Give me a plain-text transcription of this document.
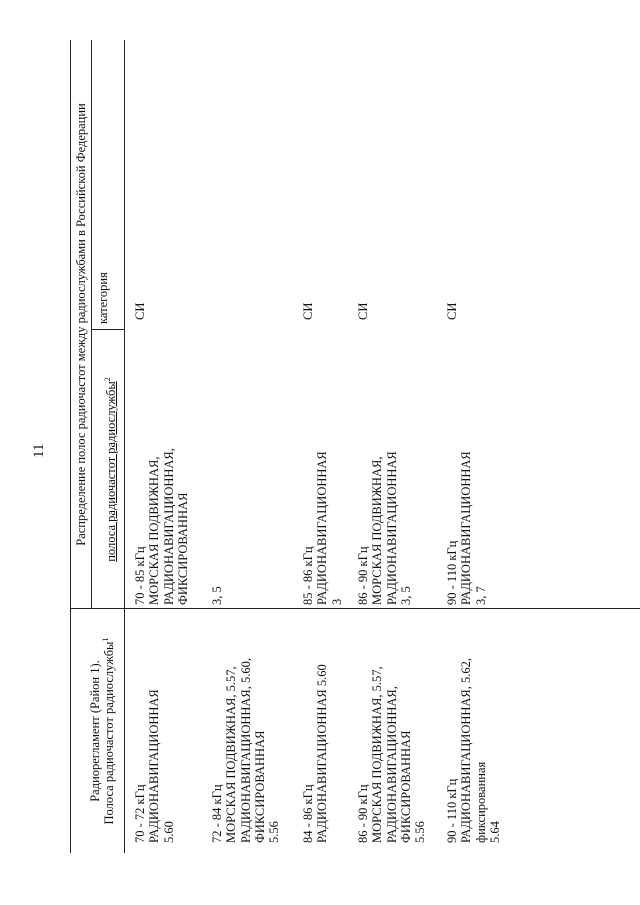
11
Радиорегламент (Район 1). Полоса радиочастот радиослужбы$^1$
Распределение полос радиочастот между радиослужбами в Российской Федерации полоса радиочастот радиослужбы$^2$
категория
70 - 72 кГц РАДИОНАВИГАЦИОННАЯ 5.60
70 - 85 кГц МОРСКАЯ ПОДВИЖНАЯ, РАДИОНАВИГАЦИОННАЯ, ФИКСИРОВАННАЯ
СИ
72 - 84 кГц МОРСКАЯ ПОДВИЖНАЯ, 5.57, РАДИОНАВИГАЦИОННАЯ, 5.60, ФИКСИРОВАННАЯ 5.56
3, 5
84 - 86 кГц РАДИОНАВИГАЦИОННАЯ 5.60
85 - 86 кГц РАДИОНАВИГАЦИОННАЯ 3
СИ
86 - 90 кГц МОРСКАЯ ПОДВИЖНАЯ, 5.57, РАДИОНАВИГАЦИОННАЯ, ФИКСИРОВАННАЯ 5.56
86 - 90 кГц МОРСКАЯ ПОДВИЖНАЯ, РАДИОНАВИГАЦИОННАЯ 3, 5
СИ
90 - 110 кГц РАДИОНАВИГАЦИОННАЯ, 5.62, фиксированная 5.64
90 - 110 кГц РАДИОНАВИГАЦИОННАЯ 3, 7
СИ
